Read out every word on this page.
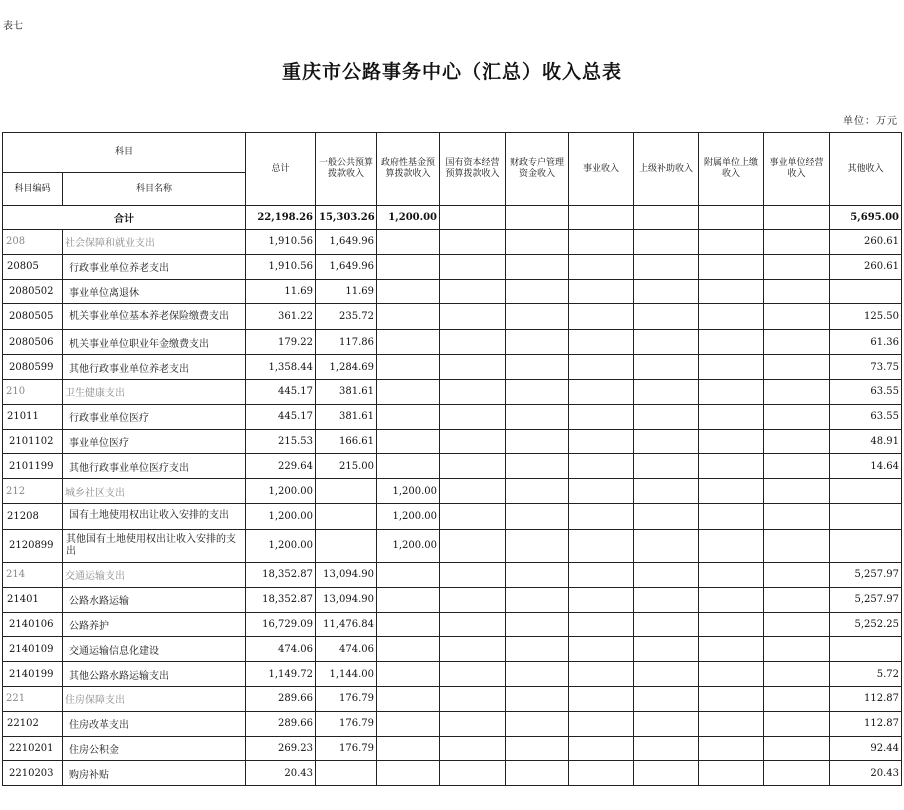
表七
重庆市公路事务中心（汇总）收入总表
单位：万元
科目		总计	一般公共预算拨款收入	政府性基金预算拨款收入	国有资本经营预算拨款收入	财政专户管理资金收入	事业收入	上级补助收入	附属单位上缴收入	事业单位经营收入	其他收入
科目编码	科目名称										
合计		22,198.26	15,303.26	1,200.00							5,695.00
208	社会保障和就业支出	1,910.56	1,649.96								260.61
20805	行政事业单位养老支出	1,910.56	1,649.96								260.61
2080502	事业单位离退休	11.69	11.69								
2080505	机关事业单位基本养老保险缴费支出	361.22	235.72								125.50
2080506	机关事业单位职业年金缴费支出	179.22	117.86								61.36
2080599	其他行政事业单位养老支出	1,358.44	1,284.69								73.75
210	卫生健康支出	445.17	381.61								63.55
21011	行政事业单位医疗	445.17	381.61								63.55
2101102	事业单位医疗	215.53	166.61								48.91
2101199	其他行政事业单位医疗支出	229.64	215.00								14.64
212	城乡社区支出	1,200.00		1,200.00							
21208	国有土地使用权出让收入安排的支出	1,200.00		1,200.00							
2120899	其他国有土地使用权出让收入安排的支出	1,200.00		1,200.00							
214	交通运输支出	18,352.87	13,094.90								5,257.97
21401	公路水路运输	18,352.87	13,094.90								5,257.97
2140106	公路养护	16,729.09	11,476.84								5,252.25
2140109	交通运输信息化建设	474.06	474.06								
2140199	其他公路水路运输支出	1,149.72	1,144.00								5.72
221	住房保障支出	289.66	176.79								112.87
22102	住房改革支出	289.66	176.79								112.87
2210201	住房公积金	269.23	176.79								92.44
2210203	购房补贴	20.43									20.43
